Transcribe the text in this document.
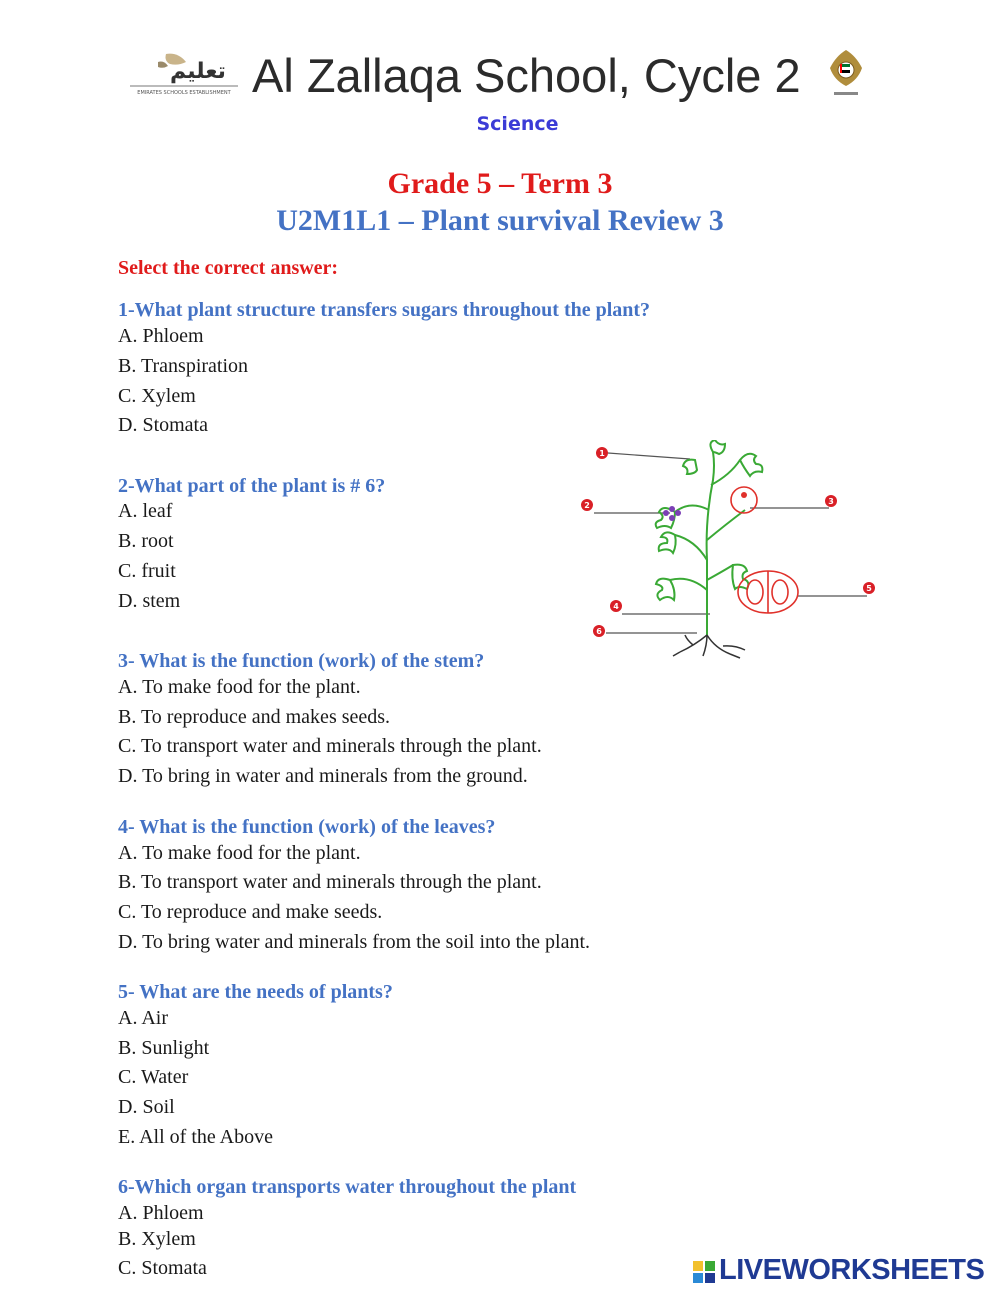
تعليم
EMIRATES SCHOOLS ESTABLISHMENT Al Zallaqa School, Cycle 2
Science
Grade 5 – Term 3
U2M1L1 – Plant survival Review 3
Select the correct answer:
1-What plant structure transfers sugars throughout the plant?
A. Phloem
B. Transpiration
C. Xylem
D. Stomata
2-What part of the plant is # 6?
A. leaf
B. root
C. fruit
D. stem
1
2	3
4
5
6
3- What is the function (work) of the stem?
A. To make food for the plant.
B. To reproduce and makes seeds.
C. To transport water and minerals through the plant.
D. To bring in water and minerals from the ground.
4- What is the function (work) of the leaves?
A. To make food for the plant.
B. To transport water and minerals through the plant.
C. To reproduce and make seeds.
D. To bring water and minerals from the soil into the plant.
5- What are the needs of plants?
A. Air
B. Sunlight
C. Water
D. Soil
E. All of the Above
6-Which organ transports water throughout the plant
A. Phloem
B. Xylem
C. Stomata	LIVEWORKSHEETS
